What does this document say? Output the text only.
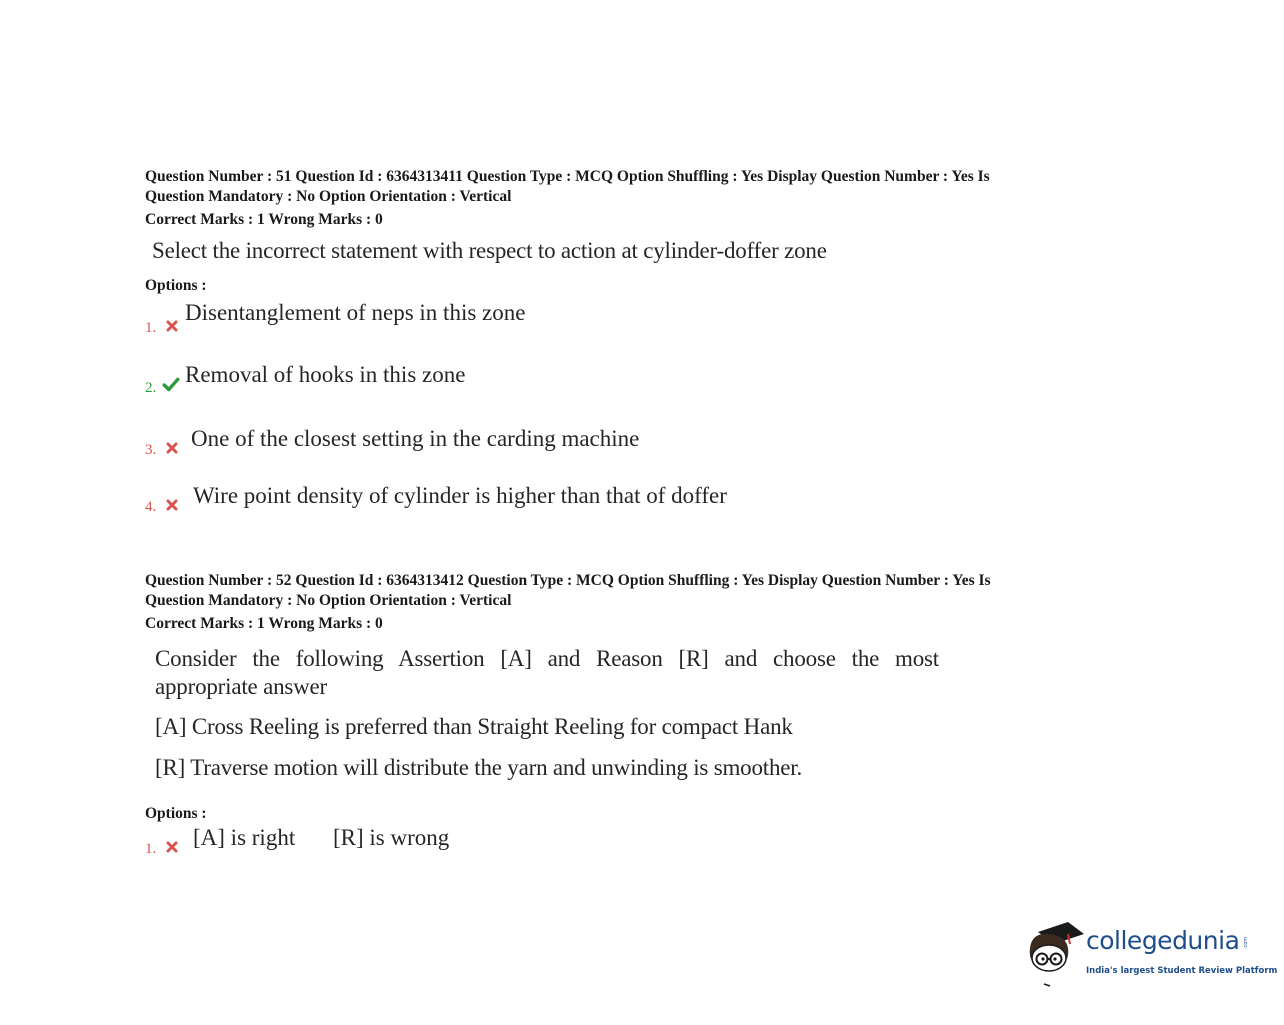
Question Number : 51 Question Id : 6364313411 Question Type : MCQ Option Shuffling : Yes Display Question Number : Yes Is
Question Mandatory : No Option Orientation : Vertical

Correct Marks : 1 Wrong Marks : 0
Select the incorrect statement with respect to action at cylinder-doffer zone
Options :
1.
Disentanglement of neps in this zone
2.
Removal of hooks in this zone
3. One of the closest setting in the carding machine
4. Wire point density of cylinder is higher than that of doffer

Question Number : 52 Question Id : 6364313412 Question Type : MCQ Option Shuffling : Yes Display Question Number : Yes Is
Question Mandatory : No Option Orientation : Vertical

Correct Marks : 1 Wrong Marks : 0
Consider the following Assertion [A] and Reason [R] and choose the most
appropriate answer
[A] Cross Reeling is preferred than Straight Reeling for compact Hank
[R] Traverse motion will distribute the yarn and unwinding is smoother.
Options :
1. [A] is right [R] is wrong
collegedunia .com
India's largest Student Review Platform
